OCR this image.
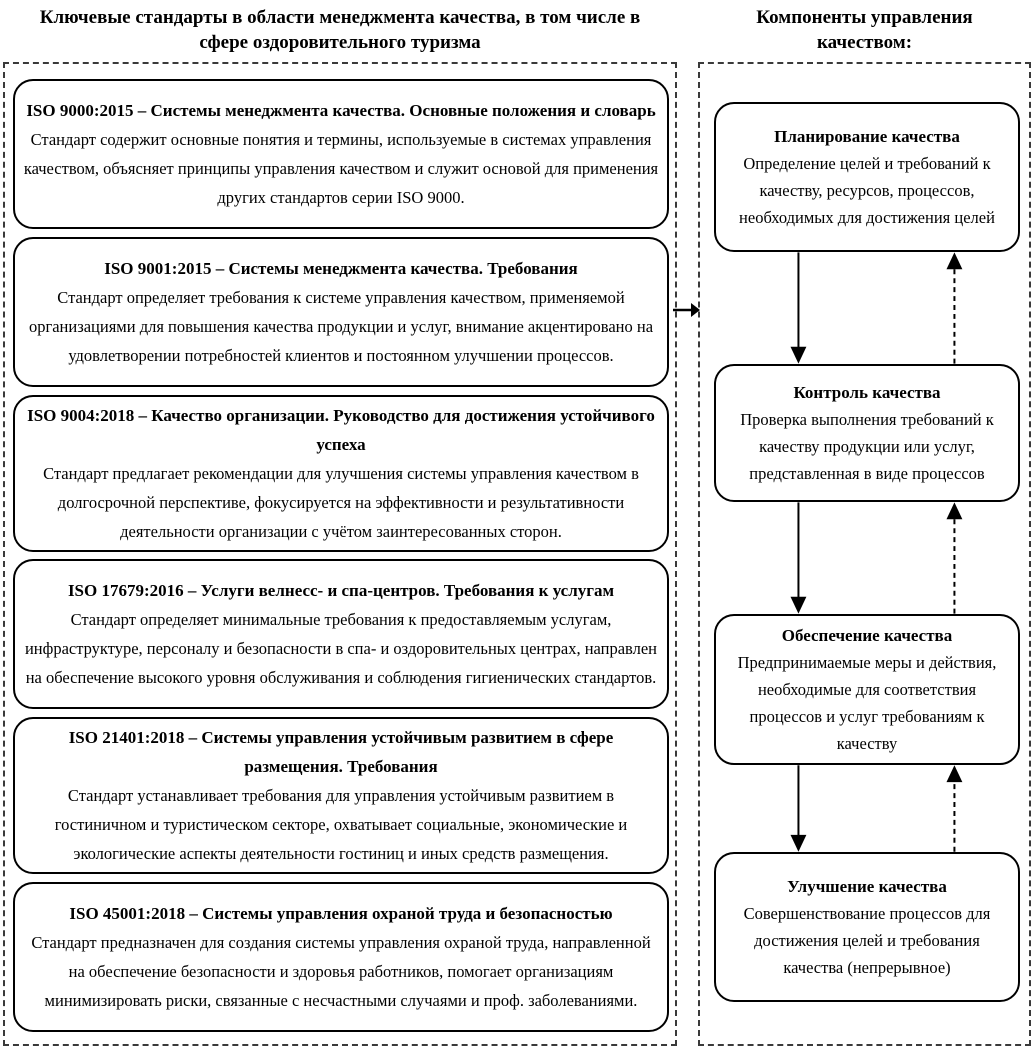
Ключевые стандарты в области менеджмента качества, в том числе в
сфере оздоровительного туризма
Компоненты управления
качеством:
ISO 9000:2015 – Системы менеджмента качества. Основные положения и словарь
Стандарт содержит основные понятия и термины, используемые в системах управления качеством, объясняет принципы управления качеством и служит основой для применения других стандартов серии ISO 9000.
ISO 9001:2015 – Системы менеджмента качества. Требования
Стандарт определяет требования к системе управления качеством, применяемой организациями для повышения качества продукции и услуг, внимание акцентировано на удовлетворении потребностей клиентов и постоянном улучшении процессов.
ISO 9004:2018 – Качество организации. Руководство для достижения устойчивого успеха
Стандарт предлагает рекомендации для улучшения системы управления качеством в долгосрочной перспективе, фокусируется на эффективности и результативности деятельности организации с учётом заинтересованных сторон.
ISO 17679:2016 – Услуги велнесс- и спа-центров. Требования к услугам
Стандарт определяет минимальные требования к предоставляемым услугам, инфраструктуре, персоналу и безопасности в спа- и оздоровительных центрах, направлен на обеспечение высокого уровня обслуживания и соблюдения гигиенических стандартов.
ISO 21401:2018 – Системы управления устойчивым развитием в сфере размещения. Требования
Стандарт устанавливает требования для управления устойчивым развитием в гостиничном и туристическом секторе, охватывает социальные, экономические и экологические аспекты деятельности гостиниц и иных средств размещения.
ISO 45001:2018 – Системы управления охраной труда и безопасностью
Стандарт предназначен для создания системы управления охраной труда, направленной на обеспечение безопасности и здоровья работников, помогает организациям минимизировать риски, связанные с несчастными случаями и проф. заболеваниями.
Планирование качества
Определение целей и требований к качеству, ресурсов, процессов, необходимых для достижения целей
Контроль качества
Проверка выполнения требований к качеству продукции или услуг, представленная в виде процессов
Обеспечение качества
Предпринимаемые меры и действия, необходимые для соответствия процессов и услуг требованиям к качеству
Улучшение качества
Совершенствование процессов для достижения целей и требования качества (непрерывное)
